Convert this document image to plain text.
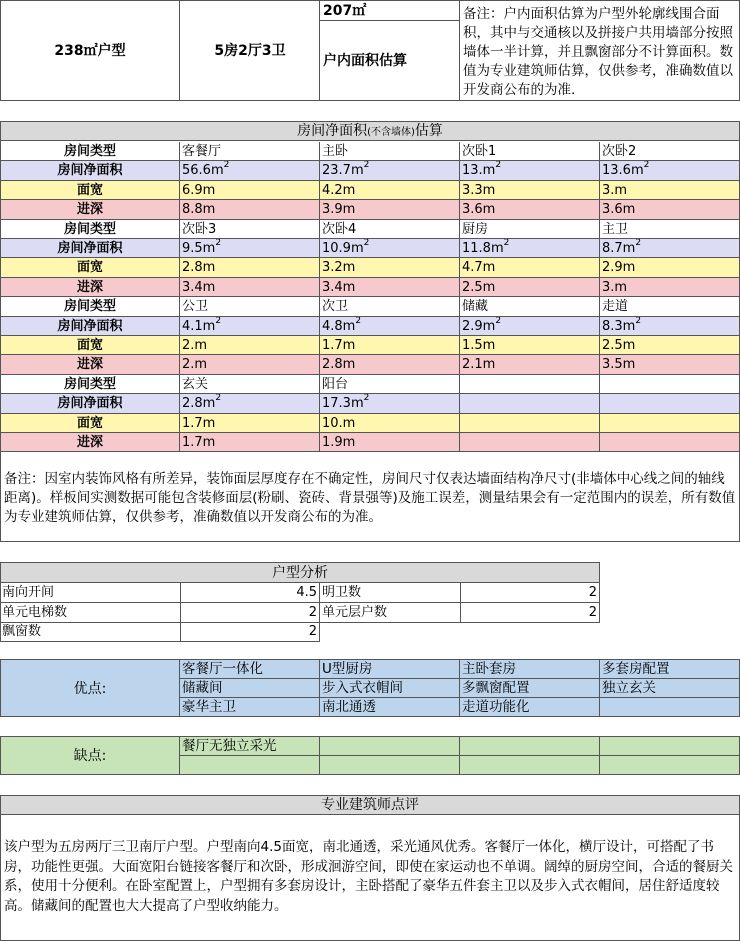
238㎡户型	5房2厅3卫
207㎡
户内面积估算
备注：户内面积估算为户型外轮廓线围合面积，其中与交通核以及拼接户共用墙部分按照墙体一半计算，并且飘窗部分不计算面积。数值为专业建筑师估算，仅供参考，准确数值以开发商公布的为准.
房间净面积(不含墙体)估算
房间类型	客餐厅	主卧	次卧1	次卧2
房间净面积	$56.6m^2$	$23.7m^2$	$13.m^2$	$13.6m^2$
面宽	6.9m	4.2m	3.3m	3.m
进深	8.8m	3.9m	3.6m	3.6m
房间类型	次卧3	次卧4	厨房	主卫
房间净面积	$9.5m^2$	$10.9m^2$	$11.8m^2$	$8.7m^2$
面宽	2.8m	3.2m	4.7m	2.9m
进深	3.4m	3.4m	2.5m	3.m
房间类型	公卫	次卫	储藏	走道
房间净面积	$4.1m^2$	$4.8m^2$	$2.9m^2$	$8.3m^2$
面宽	2.m	1.7m	1.5m	2.5m
进深	2.m	2.8m	2.1m	3.5m
房间类型	玄关	阳台
房间净面积	$2.8m^2$	$17.3m^2$
面宽	1.7m	10.m
进深	1.7m	1.9m
备注：因室内装饰风格有所差异，装饰面层厚度存在不确定性，房间尺寸仅表达墙面结构净尺寸(非墙体中心线之间的轴线距离)。样板间实测数据可能包含装修面层(粉刷、瓷砖、背景强等)及施工误差，测量结果会有一定范围内的误差，所有数值为专业建筑师估算，仅供参考，准确数值以开发商公布的为准。
户型分析
南向开间	4.5 明卫数	2
单元电梯数	2 单元层户数	2
飘窗数	2
优点:
客餐厅一体化	U型厨房	主卧套房	多套房配置
储藏间	步入式衣帽间	多飘窗配置	独立玄关
豪华主卫	南北通透	走道功能化
缺点:
餐厅无独立采光
专业建筑师点评
该户型为五房两厅三卫南厅户型。户型南向4.5面宽，南北通透，采光通风优秀。客餐厅一体化，横厅设计，可搭配了书房，功能性更强。大面宽阳台链接客餐厅和次卧，形成洄游空间，即使在家运动也不单调。阔绰的厨房空间，合适的餐厨关系，使用十分便利。在卧室配置上，户型拥有多套房设计，主卧搭配了豪华五件套主卫以及步入式衣帽间，居住舒适度较高。储藏间的配置也大大提高了户型收纳能力。
